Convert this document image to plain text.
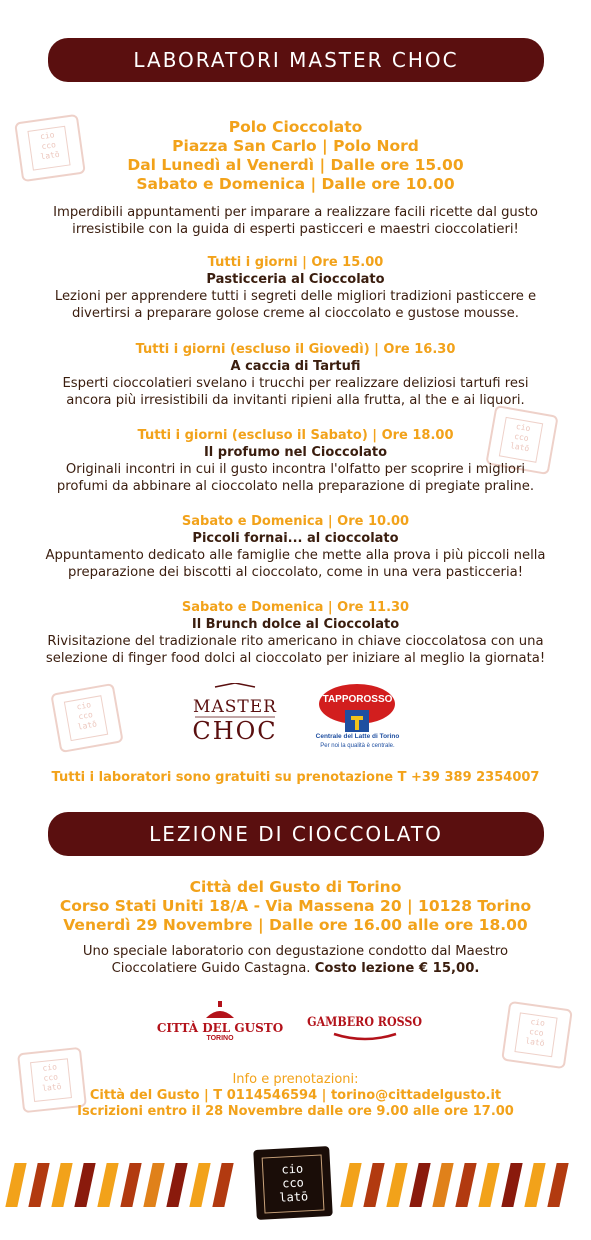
cio
cco
latō
cio
cco
latō
cio
cco
latō
cio
cco
latō
cio
cco
latō
LABORATORI MASTER CHOC
Polo Cioccolato
Piazza San Carlo | Polo Nord
Dal Lunedì al Venerdì | Dalle ore 15.00
Sabato e Domenica | Dalle ore 10.00
Imperdibili appuntamenti per imparare a realizzare facili ricette dal gusto irresistibile con la guida di esperti pasticceri e maestri cioccolatieri!
Tutti i giorni | Ore 15.00
Pasticceria al Cioccolato
Lezioni per apprendere tutti i segreti delle migliori tradizioni pasticcere e divertirsi a preparare golose creme al cioccolato e gustose mousse.
Tutti i giorni (escluso il Giovedì) | Ore 16.30
A caccia di Tartufi
Esperti cioccolatieri svelano i trucchi per realizzare deliziosi tartufi resi ancora più irresistibili da invitanti ripieni alla frutta, al the e ai liquori.
Tutti i giorni (escluso il Sabato) | Ore 18.00
Il profumo nel Cioccolato
Originali incontri in cui il gusto incontra l'olfatto per scoprire i migliori profumi da abbinare al cioccolato nella preparazione di pregiate praline.
Sabato e Domenica | Ore 10.00
Piccoli fornai... al cioccolato
Appuntamento dedicato alle famiglie che mette alla prova i più piccoli nella preparazione dei biscotti al cioccolato, come in una vera pasticceria!
Sabato e Domenica | Ore 11.30
Il Brunch dolce al Cioccolato
Rivisitazione del tradizionale rito americano in chiave cioccolatosa con una selezione di finger food dolci al cioccolato per iniziare al meglio la giornata!
MASTER
CHOC
TAPPOROSSO
Centrale del Latte di Torino
Per noi la qualità è centrale.
Tutti i laboratori sono gratuiti su prenotazione T +39 389 2354007
LEZIONE DI CIOCCOLATO
Città del Gusto di Torino
Corso Stati Uniti 18/A - Via Massena 20 | 10128 Torino
Venerdì 29 Novembre | Dalle ore 16.00 alle ore 18.00
Uno speciale laboratorio con degustazione condotto dal Maestro Cioccolatiere Guido Castagna. Costo lezione € 15,00.
CITTÀ DEL GUSTO
TORINO
GAMBERO ROSSO
Info e prenotazioni:
Città del Gusto | T 0114546594 | torino@cittadelgusto.it
Iscrizioni entro il 28 Novembre dalle ore 9.00 alle ore 17.00
cio
cco
latō
